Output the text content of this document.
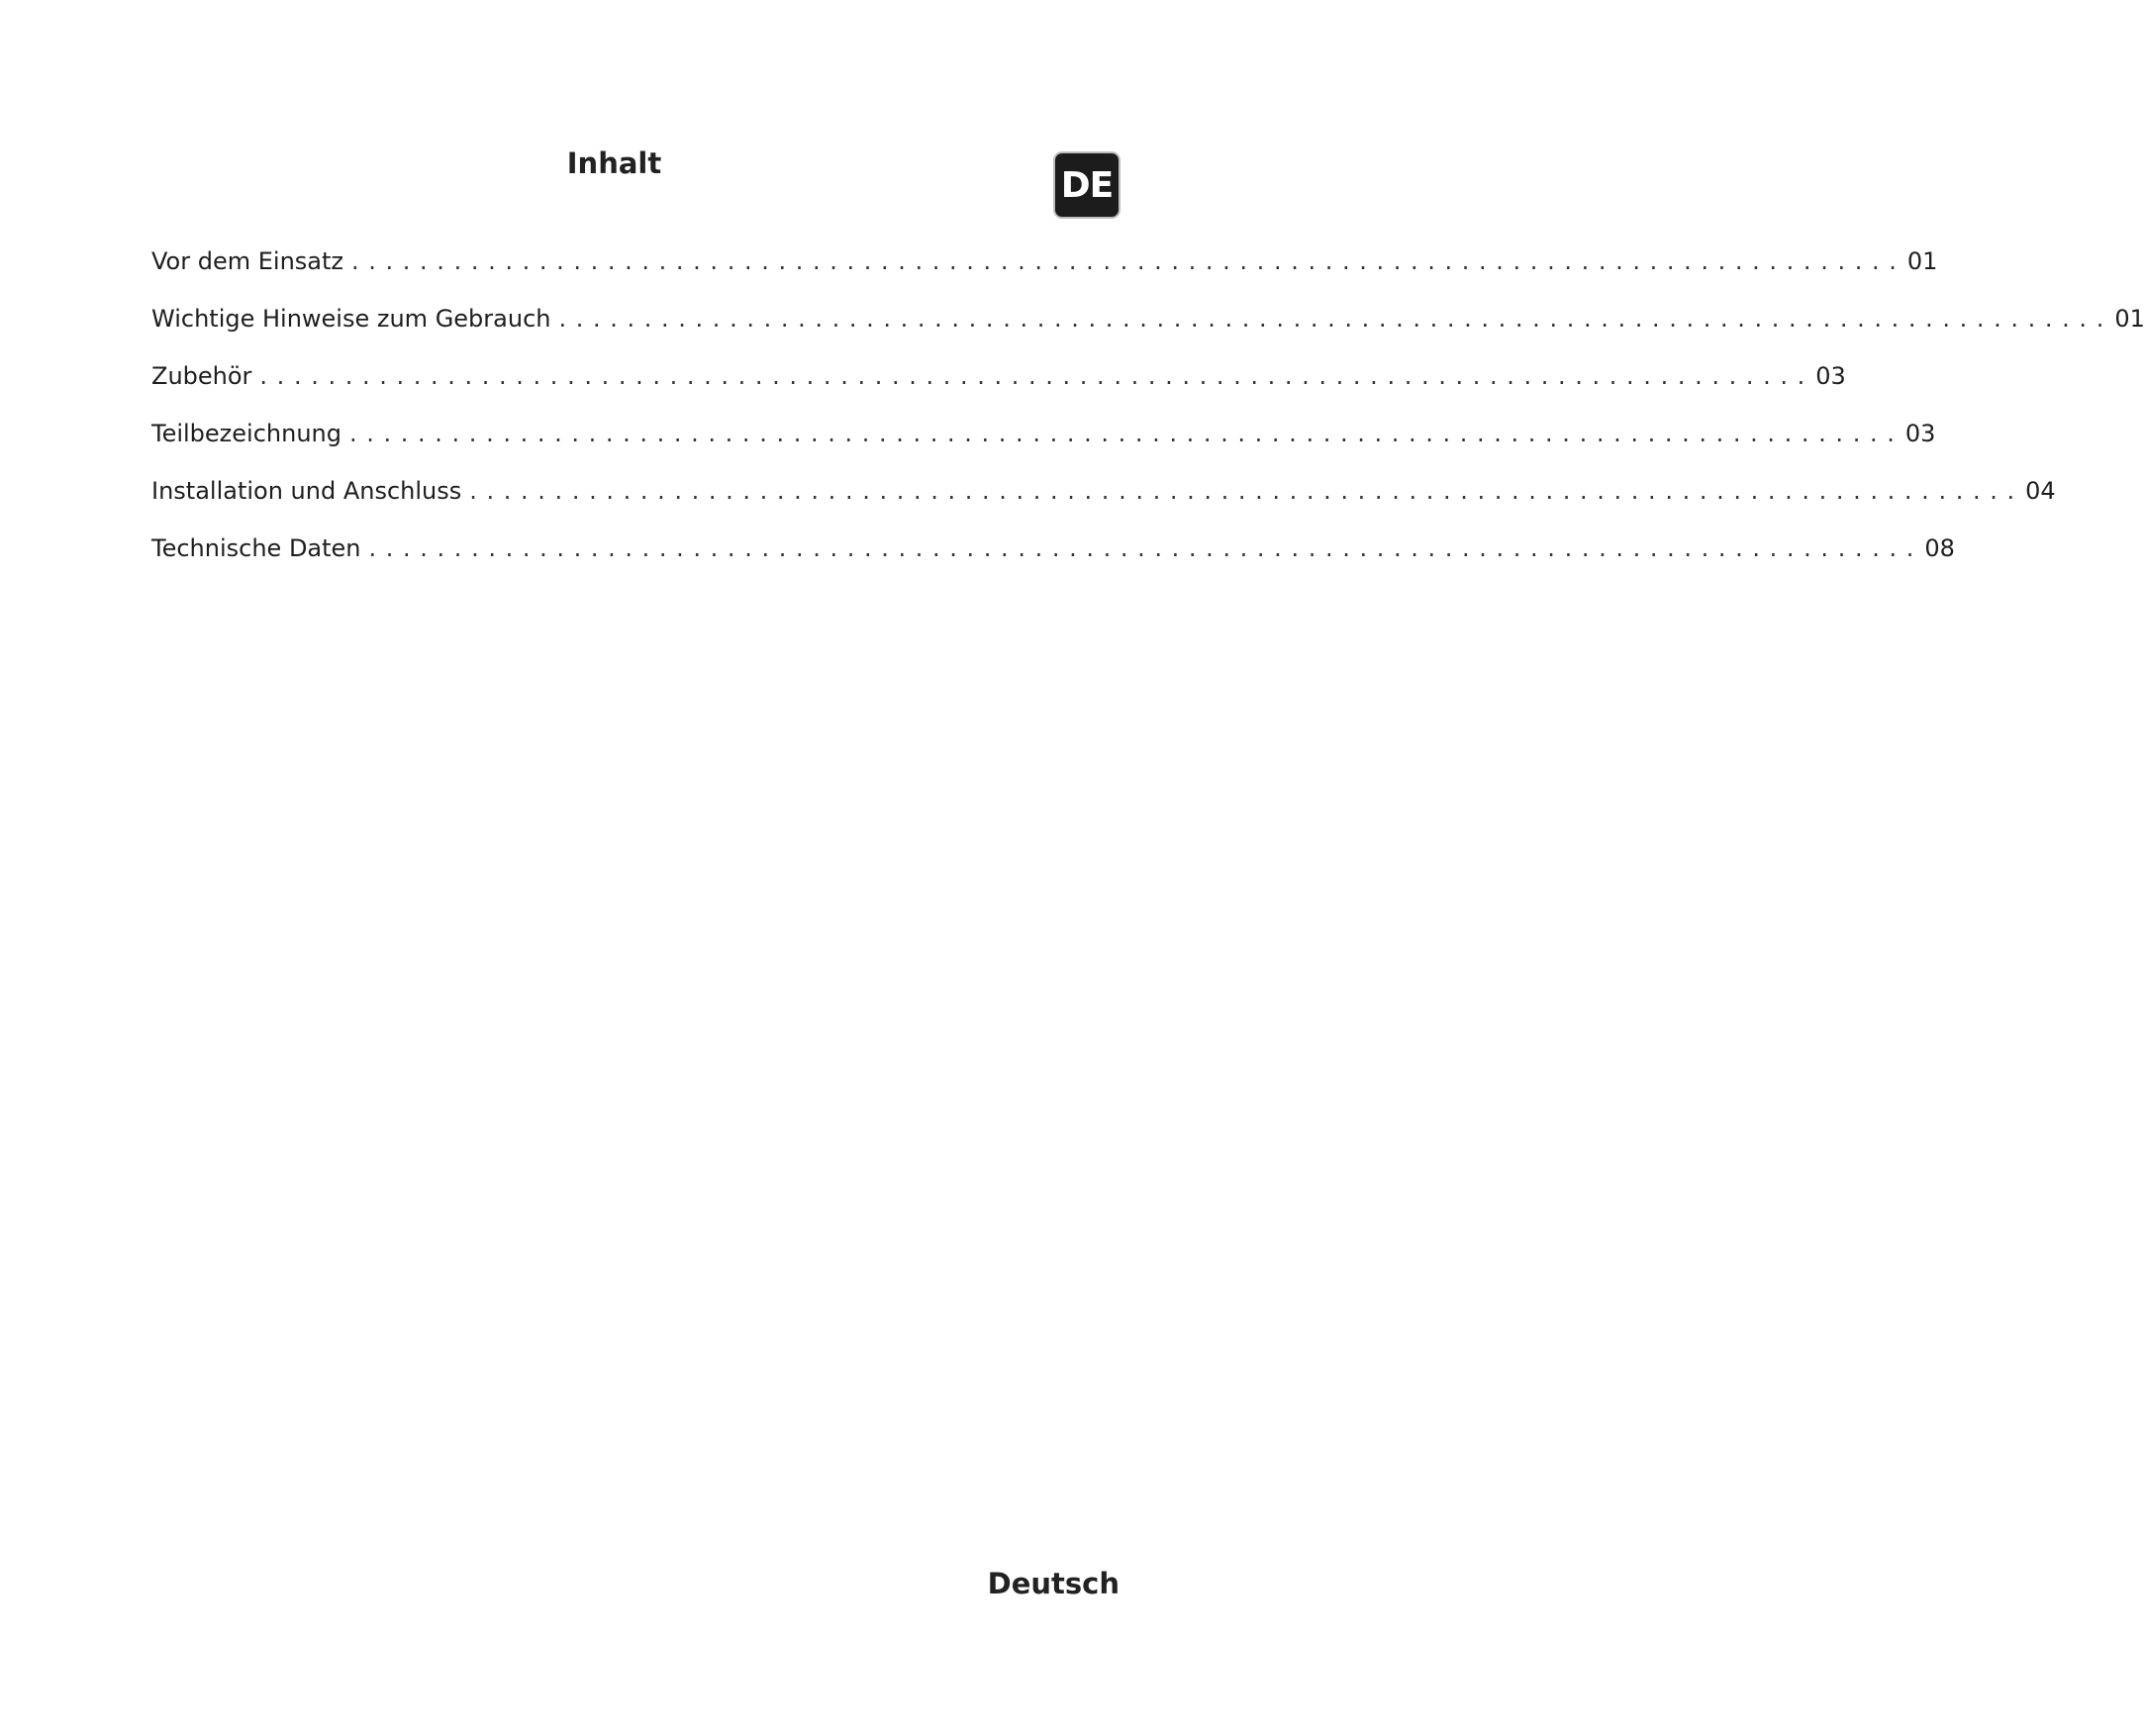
Inhalt
DE
Vor dem Einsatz . . . . . . . . . . . . . . . . . . . . . . . . . . . . . . . . . . . . . . . . . . . . . . . . . . . . . . . . . . . . . . . . . . . . . . . . . . . . . . . . . . . . . . . . . . . 01
Wichtige Hinweise zum Gebrauch . . . . . . . . . . . . . . . . . . . . . . . . . . . . . . . . . . . . . . . . . . . . . . . . . . . . . . . . . . . . . . . . . . . . . . . . . . . . . . . . . . . . . . . . . . . 01
Zubehör . . . . . . . . . . . . . . . . . . . . . . . . . . . . . . . . . . . . . . . . . . . . . . . . . . . . . . . . . . . . . . . . . . . . . . . . . . . . . . . . . . . . . . . . . . . 03
Teilbezeichnung . . . . . . . . . . . . . . . . . . . . . . . . . . . . . . . . . . . . . . . . . . . . . . . . . . . . . . . . . . . . . . . . . . . . . . . . . . . . . . . . . . . . . . . . . . . 03
Installation und Anschluss . . . . . . . . . . . . . . . . . . . . . . . . . . . . . . . . . . . . . . . . . . . . . . . . . . . . . . . . . . . . . . . . . . . . . . . . . . . . . . . . . . . . . . . . . . . 04
Technische Daten . . . . . . . . . . . . . . . . . . . . . . . . . . . . . . . . . . . . . . . . . . . . . . . . . . . . . . . . . . . . . . . . . . . . . . . . . . . . . . . . . . . . . . . . . . . 08
Deutsch
